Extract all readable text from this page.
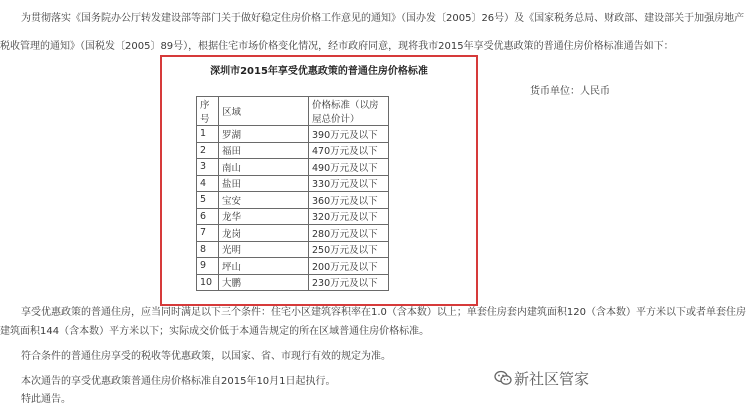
为贯彻落实《国务院办公厅转发建设部等部门关于做好稳定住房价格工作意见的通知》（国办发〔2005〕26号）及《国家税务总局、财政部、建设部关于加强房地产
税收管理的通知》（国税发〔2005〕89号），根据住宅市场价格变化情况，经市政府同意，现将我市2015年享受优惠政策的普通住房价格标准通告如下：
深圳市2015年享受优惠政策的普通住房价格标准
货币单位：人民币
序号	区域	价格标准（以房屋总价计）
1	罗湖	390万元及以下
2	福田	470万元及以下
3	南山	490万元及以下
4	盐田	330万元及以下
5	宝安	360万元及以下
6	龙华	320万元及以下
7	龙岗	280万元及以下
8	光明	250万元及以下
9	坪山	200万元及以下
10	大鹏	230万元及以下
享受优惠政策的普通住房，应当同时满足以下三个条件：住宅小区建筑容积率在1.0（含本数）以上；单套住房套内建筑面积120（含本数）平方米以下或者单套住房
建筑面积144（含本数）平方米以下；实际成交价低于本通告规定的所在区域普通住房价格标准。
符合条件的普通住房享受的税收等优惠政策，以国家、省、市现行有效的规定为准。
本次通告的享受优惠政策普通住房价格标准自2015年10月1日起执行。
特此通告。
新社区管家
